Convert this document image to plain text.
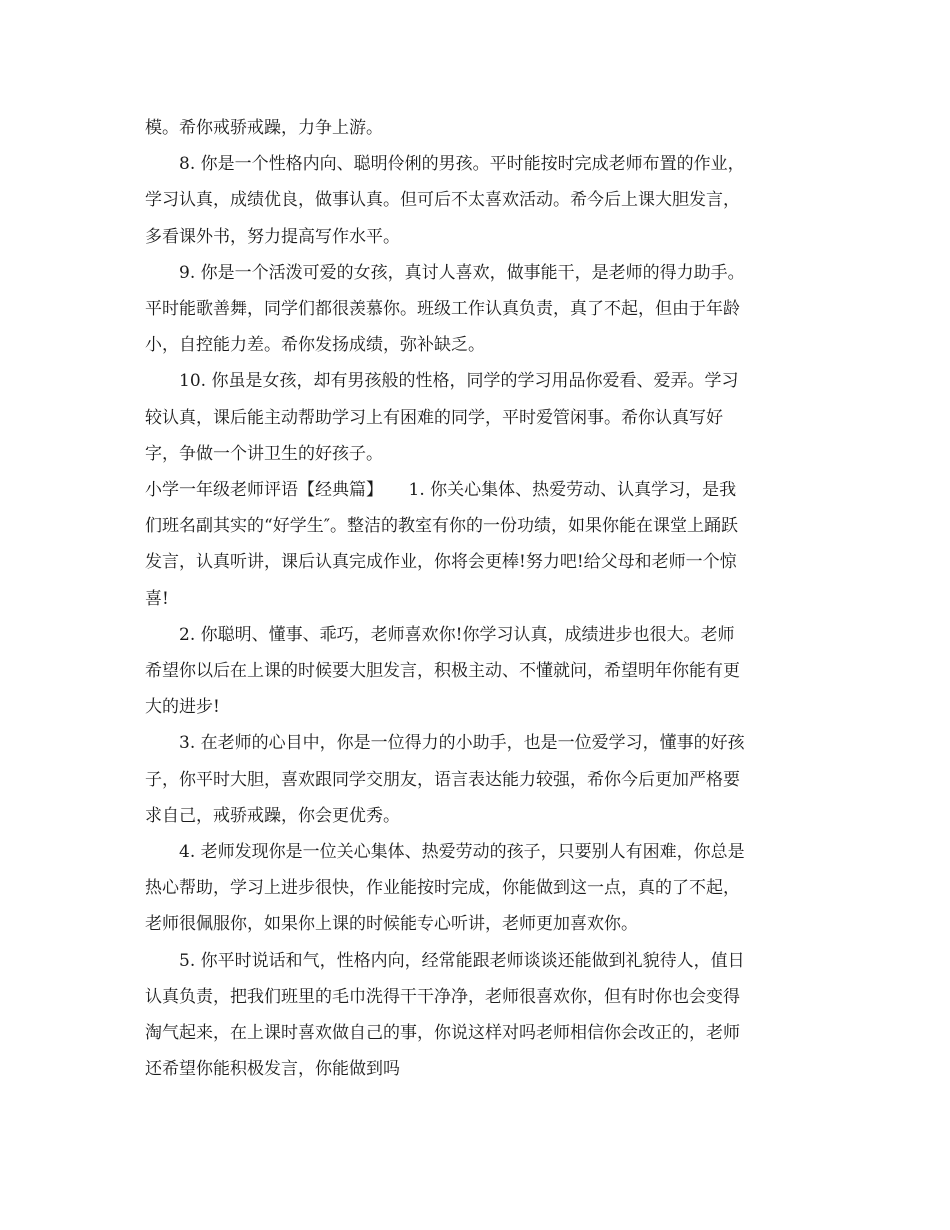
模。希你戒骄戒躁，力争上游。

8. 你是一个性格内向、聪明伶俐的男孩。平时能按时完成老师布置的作业，
学习认真，成绩优良，做事认真。但可后不太喜欢活动。希今后上课大胆发言，
多看课外书，努力提高写作水平。

9. 你是一个活泼可爱的女孩，真讨人喜欢，做事能干，是老师的得力助手。
平时能歌善舞，同学们都很羡慕你。班级工作认真负责，真了不起，但由于年龄
小，自控能力差。希你发扬成绩，弥补缺乏。

10. 你虽是女孩，却有男孩般的性格，同学的学习用品你爱看、爱弄。学习
较认真，课后能主动帮助学习上有困难的同学，平时爱管闲事。希你认真写好
字，争做一个讲卫生的好孩子。

小学一年级老师评语【经典篇】　　1. 你关心集体、热爱劳动、认真学习，是我
们班名副其实的“好学生″。整洁的教室有你的一份功绩，如果你能在课堂上踊跃
发言，认真听讲，课后认真完成作业，你将会更棒!努力吧!给父母和老师一个惊
喜!

2. 你聪明、懂事、乖巧，老师喜欢你!你学习认真，成绩进步也很大。老师
希望你以后在上课的时候要大胆发言，积极主动、不懂就问，希望明年你能有更
大的进步!

3. 在老师的心目中，你是一位得力的小助手，也是一位爱学习，懂事的好孩
子，你平时大胆，喜欢跟同学交朋友，语言表达能力较强，希你今后更加严格要
求自己，戒骄戒躁，你会更优秀。

4. 老师发现你是一位关心集体、热爱劳动的孩子，只要别人有困难，你总是
热心帮助，学习上进步很快，作业能按时完成，你能做到这一点，真的了不起，
老师很佩服你，如果你上课的时候能专心听讲，老师更加喜欢你。

5. 你平时说话和气，性格内向，经常能跟老师谈谈还能做到礼貌待人，值日
认真负责，把我们班里的毛巾洗得干干净净，老师很喜欢你，但有时你也会变得
淘气起来，在上课时喜欢做自己的事，你说这样对吗老师相信你会改正的，老师
还希望你能积极发言，你能做到吗
